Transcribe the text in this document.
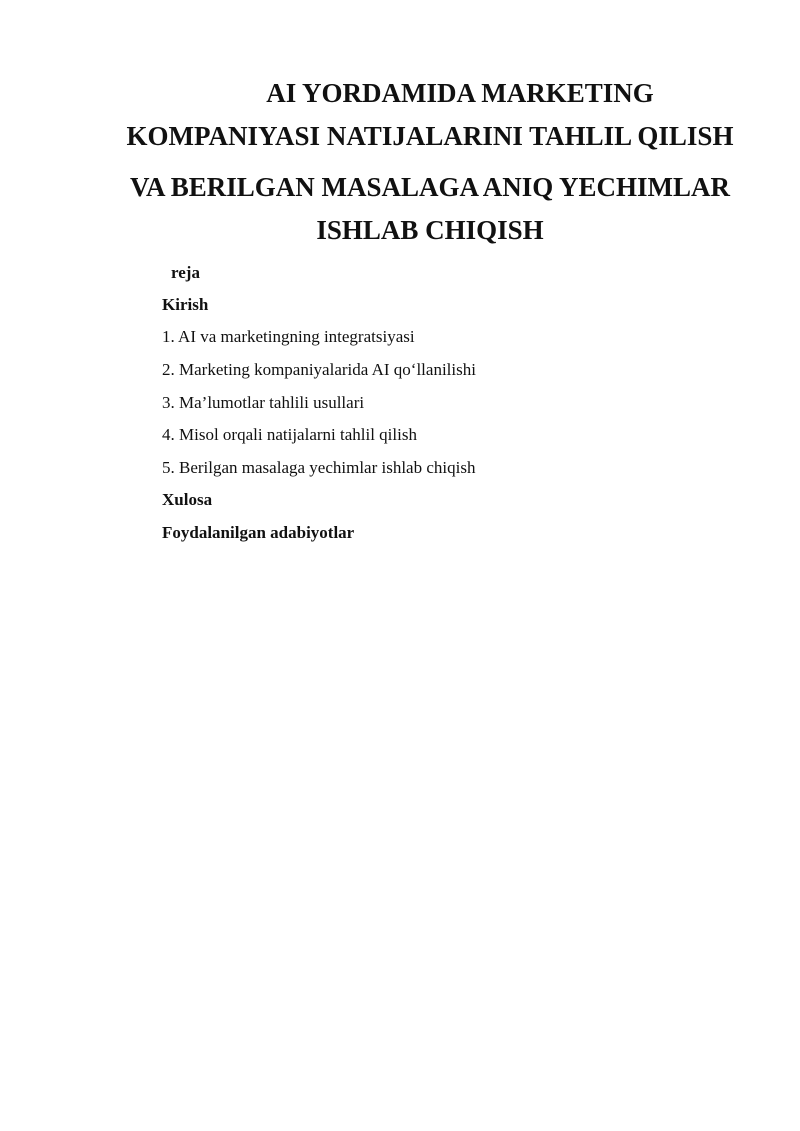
AI YORDAMIDA MARKETING
KOMPANIYASI NATIJALARINI TAHLIL QILISH
VA BERILGAN MASALAGA ANIQ YECHIMLAR
ISHLAB CHIQISH
reja
Kirish
1. AI va marketingning integratsiyasi
2. Marketing kompaniyalarida AI qo‘llanilishi
3. Ma’lumotlar tahlili usullari
4. Misol orqali natijalarni tahlil qilish
5. Berilgan masalaga yechimlar ishlab chiqish
Xulosa
Foydalanilgan adabiyotlar
